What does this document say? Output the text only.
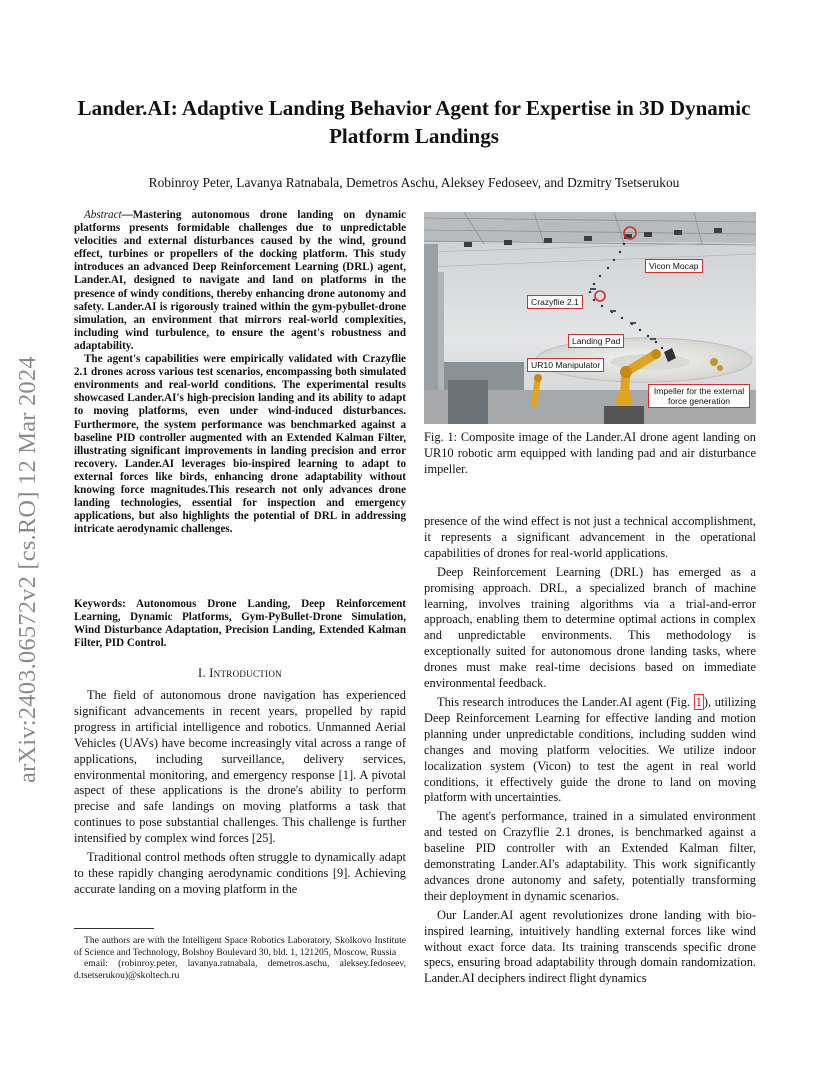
arXiv:2403.06572v2 [cs.RO] 12 Mar 2024
Lander.AI: Adaptive Landing Behavior Agent for Expertise in 3D Dynamic Platform Landings
Robinroy Peter, Lavanya Ratnabala, Demetros Aschu, Aleksey Fedoseev, and Dzmitry Tsetserukou

Abstract—Mastering autonomous drone landing on dynamic platforms presents formidable challenges due to unpredictable velocities and external disturbances caused by the wind, ground effect, turbines or propellers of the docking platform. This study introduces an advanced Deep Reinforcement Learning (DRL) agent, Lander.AI, designed to navigate and land on platforms in the presence of windy conditions, thereby enhancing drone autonomy and safety. Lander.AI is rigorously trained within the gym-pybullet-drone simulation, an environment that mirrors real-world complexities, including wind turbulence, to ensure the agent's robustness and adaptability.

The agent's capabilities were empirically validated with Crazyflie 2.1 drones across various test scenarios, encompassing both simulated environments and real-world conditions. The experimental results showcased Lander.AI's high-precision landing and its ability to adapt to moving platforms, even under wind-induced disturbances. Furthermore, the system performance was benchmarked against a baseline PID controller augmented with an Extended Kalman Filter, illustrating significant improvements in landing precision and error recovery. Lander.AI leverages bio-inspired learning to adapt to external forces like birds, enhancing drone adaptability without knowing force magnitudes.This research not only advances drone landing technologies, essential for inspection and emergency applications, but also highlights the potential of DRL in addressing intricate aerodynamic challenges.

Keywords: Autonomous Drone Landing, Deep Reinforcement Learning, Dynamic Platforms, Gym-PyBullet-Drone Simulation, Wind Disturbance Adaptation, Precision Landing, Extended Kalman Filter, PID Control.
I. Introduction

The field of autonomous drone navigation has experienced significant advancements in recent years, propelled by rapid progress in artificial intelligence and robotics. Unmanned Aerial Vehicles (UAVs) have become increasingly vital across a range of applications, including surveillance, delivery services, environmental monitoring, and emergency response [1]. A pivotal aspect of these applications is the drone's ability to perform precise and safe landings on moving platforms a task that continues to pose substantial challenges. This challenge is further intensified by complex wind forces [25].

Traditional control methods often struggle to dynamically adapt to these rapidly changing aerodynamic conditions [9]. Achieving accurate landing on a moving platform in the

The authors are with the Intelligent Space Robotics Laboratory, Skolkovo Institute of Science and Technology, Bolshoy Boulevard 30, bld. 1, 121205, Moscow, Russia

email: (robinroy.peter, lavanya.ratnabala, demetros.aschu, aleksey.fedoseev, d.tsetserukou)@skoltech.ru

Vicon Mocap
Crazyflie 2.1
Landing Pad
UR10 Manipulator
Impeller for the external force generation
Fig. 1: Composite image of the Lander.AI drone agent landing on UR10 robotic arm equipped with landing pad and air disturbance impeller.

presence of the wind effect is not just a technical accomplishment, it represents a significant advancement in the operational capabilities of drones for real-world applications.

Deep Reinforcement Learning (DRL) has emerged as a promising approach. DRL, a specialized branch of machine learning, involves training algorithms via a trial-and-error approach, enabling them to determine optimal actions in complex and unpredictable environments. This methodology is exceptionally suited for autonomous drone landing tasks, where drones must make real-time decisions based on immediate environmental feedback.

This research introduces the Lander.AI agent (Fig. 1 ), utilizing Deep Reinforcement Learning for effective landing and motion planning under unpredictable conditions, including sudden wind changes and moving platform velocities. We utilize indoor localization system (Vicon) to test the agent in real world conditions, it effectively guide the drone to land on moving platform with uncertainties.

The agent's performance, trained in a simulated environment and tested on Crazyflie 2.1 drones, is benchmarked against a baseline PID controller with an Extended Kalman filter, demonstrating Lander.AI's adaptability. This work significantly advances drone autonomy and safety, potentially transforming their deployment in dynamic scenarios.

Our Lander.AI agent revolutionizes drone landing with bio-inspired learning, intuitively handling external forces like wind without exact force data. Its training transcends specific drone specs, ensuring broad adaptability through domain randomization. Lander.AI deciphers indirect flight dynamics
